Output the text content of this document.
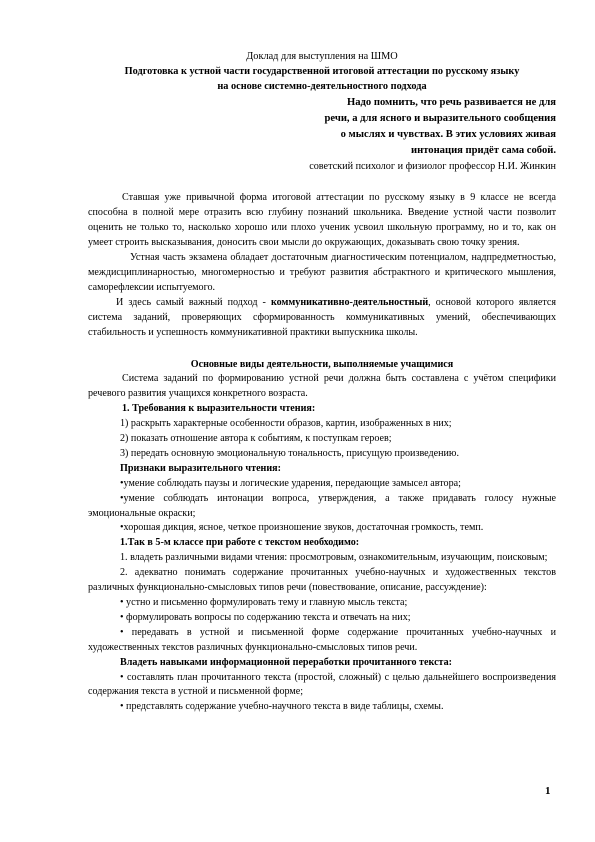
Доклад для выступления на ШМО

Подготовка к устной части государственной итоговой аттестации по русскому языку

на основе системно-деятельностного подхода

Надо помнить, что речь развивается не для

речи, а для ясного и выразительного сообщения

о мыслях и чувствах. В этих условиях живая

интонация придёт сама собой.

советский психолог и физиолог профессор Н.И. Жинкин

Ставшая уже привычной форма итоговой аттестации по русскому языку в 9 классе не всегда способна в полной мере отразить всю глубину познаний школьника. Введение устной части позволит оценить не только то, насколько хорошо или плохо ученик усвоил школьную программу, но и то, как он умеет строить высказывания, доносить свои мысли до окружающих, доказывать свою точку зрения.

Устная часть экзамена обладает достаточным диагностическим потенциалом, надпредметностью, междисциплинарностью, многомерностью и требуют развития абстрактного и критического мышления, саморефлексии испытуемого.

И здесь самый важный подход - коммуникативно-деятельностный, основой которого является система заданий, проверяющих сформированность коммуникативных умений, обеспечивающих стабильность и успешность коммуникативной практики выпускника школы.

Основные виды деятельности, выполняемые учащимися

Система заданий по формированию устной речи должна быть составлена с учётом специфики речевого развития учащихся конкретного возраста.

1. Требования к выразительности чтения:

1) раскрыть характерные особенности образов, картин, изображенных в них;

2) показать отношение автора к событиям, к поступкам героев;

3) передать основную эмоциональную тональность, присущую произведению.

Признаки выразительного чтения:

•умение соблюдать паузы и логические ударения, передающие замысел автора;

•умение соблюдать интонации вопроса, утверждения, а также придавать голосу нужные эмоциональные окраски;

•хорошая дикция, ясное, четкое произношение звуков, достаточная громкость, темп.

1.Так в 5-м классе при работе с текстом необходимо:

1. владеть различными видами чтения: просмотровым, ознакомительным, изучающим, поисковым;

2. адекватно понимать содержание прочитанных учебно-научных и художественных текстов различных функционально-смысловых типов речи (повествование, описание, рассуждение):

• устно и письменно формулировать тему и главную мысль текста;

• формулировать вопросы по содержанию текста и отвечать на них;

• передавать в устной и письменной форме содержание прочитанных учебно-научных и художественных текстов различных функционально-смысловых типов речи.

Владеть навыками информационной переработки прочитанного текста:

• составлять план прочитанного текста (простой, сложный) с целью дальнейшего воспроизведения содержания текста в устной и письменной форме;

• представлять содержание учебно-научного текста в виде таблицы, схемы.

1
